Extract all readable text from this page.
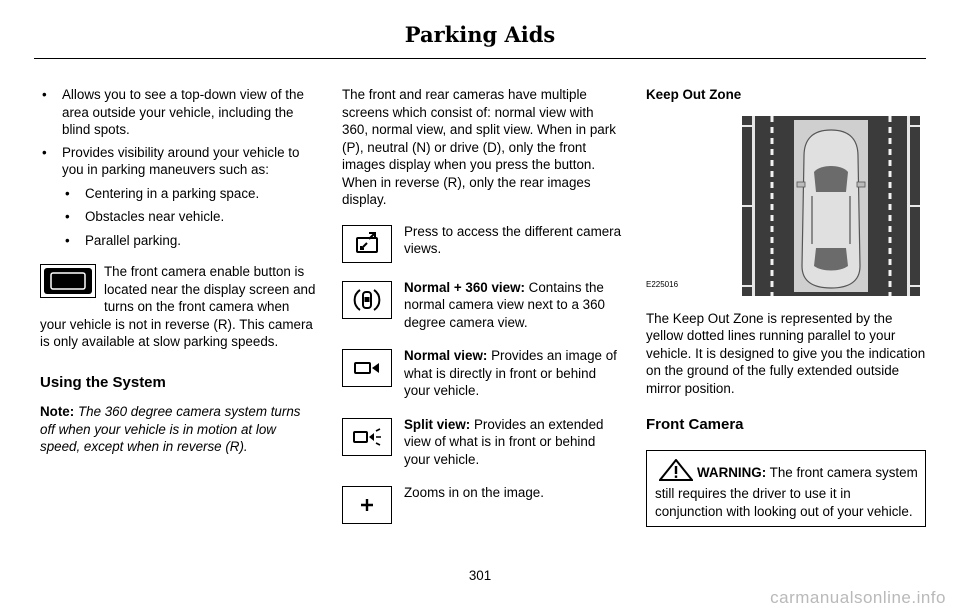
Parking Aids
• Allows you to see a top-down view of the area outside your vehicle, including the blind spots.
• Provides visibility around your vehicle to you in parking maneuvers such as:
• Centering in a parking space.
• Obstacles near vehicle.
• Parallel parking.
The front camera enable button is located near the display screen and turns on the front camera when your vehicle is not in reverse (R). This camera is only available at slow parking speeds.
Using the System

Note: The 360 degree camera system turns off when your vehicle is in motion at low speed, except when in reverse (R).

The front and rear cameras have multiple screens which consist of: normal view with 360, normal view, and split view. When in park (P), neutral (N) or drive (D), only the front images display when you press the button. When in reverse (R), only the rear images display.

Press to access the different camera views.
Normal + 360 view: Contains the normal camera view next to a 360 degree camera view.
Normal view: Provides an image of what is directly in front or behind your vehicle.
Split view: Provides an extended view of what is in front or behind your vehicle.
Zooms in on the image.
Keep Out Zone
E225016

The Keep Out Zone is represented by the yellow dotted lines running parallel to your vehicle. It is designed to give you the indication on the ground of the fully extended outside mirror position.

Front Camera
WARNING: The front camera system still requires the driver to use it in conjunction with looking out of your vehicle.
301
carmanualsonline.info
